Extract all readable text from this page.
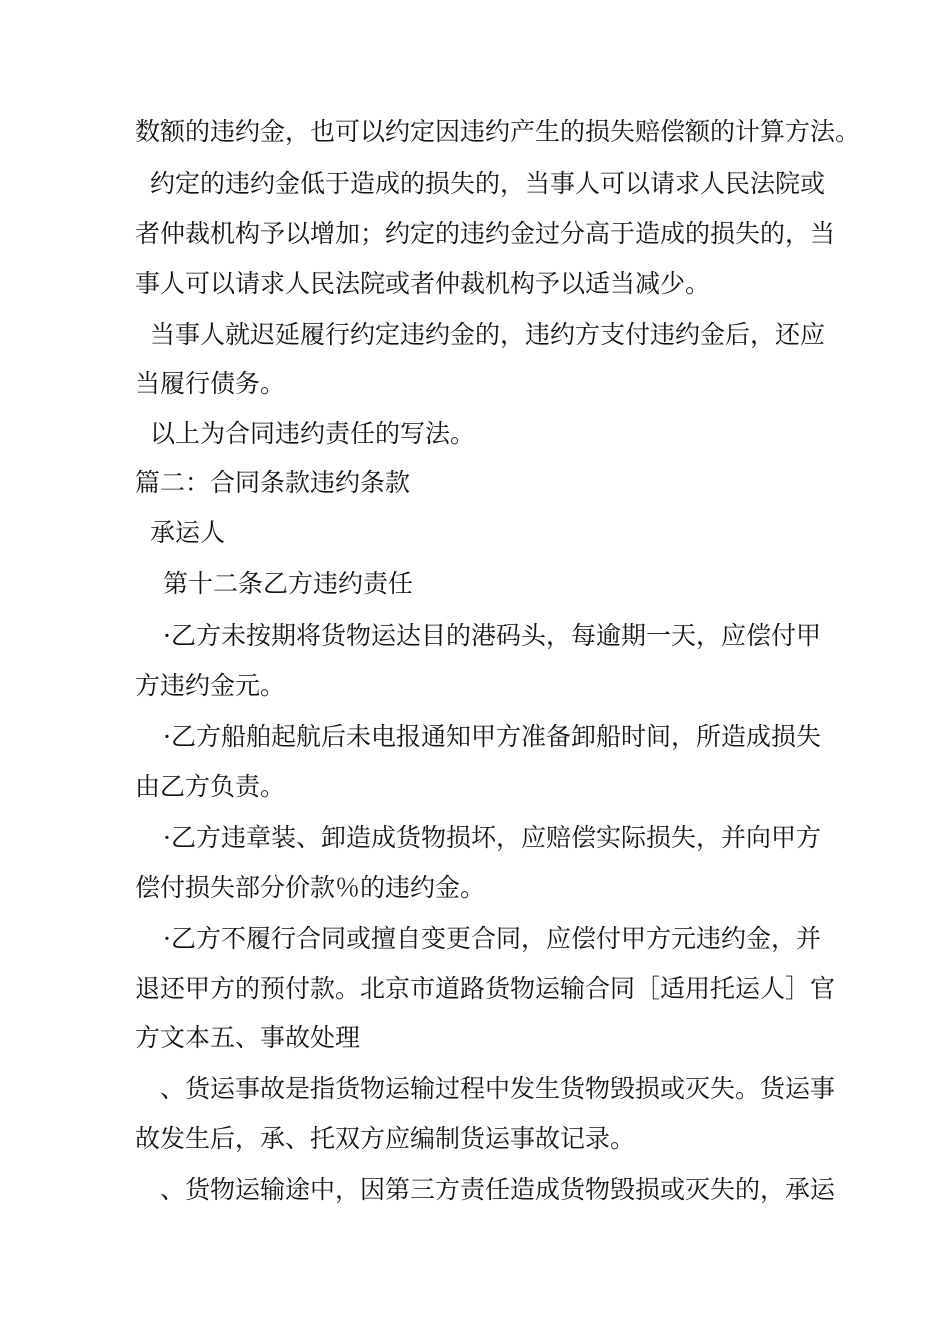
数额的违约金，也可以约定因违约产生的损失赔偿额的计算方法。
约定的违约金低于造成的损失的，当事人可以请求人民法院或
者仲裁机构予以增加；约定的违约金过分高于造成的损失的，当
事人可以请求人民法院或者仲裁机构予以适当减少。
当事人就迟延履行约定违约金的，违约方支付违约金后，还应
当履行债务。
以上为合同违约责任的写法。
篇二：合同条款违约条款
承运人
第十二条乙方违约责任
·乙方未按期将货物运达目的港码头，每逾期一天，应偿付甲
方违约金元。
·乙方船舶起航后未电报通知甲方准备卸船时间，所造成损失
由乙方负责。
·乙方违章装、卸造成货物损坏，应赔偿实际损失，并向甲方
偿付损失部分价款％的违约金。
·乙方不履行合同或擅自变更合同，应偿付甲方元违约金，并
退还甲方的预付款。北京市道路货物运输合同［适用托运人］官
方文本五、事故处理
、货运事故是指货物运输过程中发生货物毁损或灭失。货运事
故发生后，承、托双方应编制货运事故记录。
、货物运输途中，因第三方责任造成货物毁损或灭失的，承运
